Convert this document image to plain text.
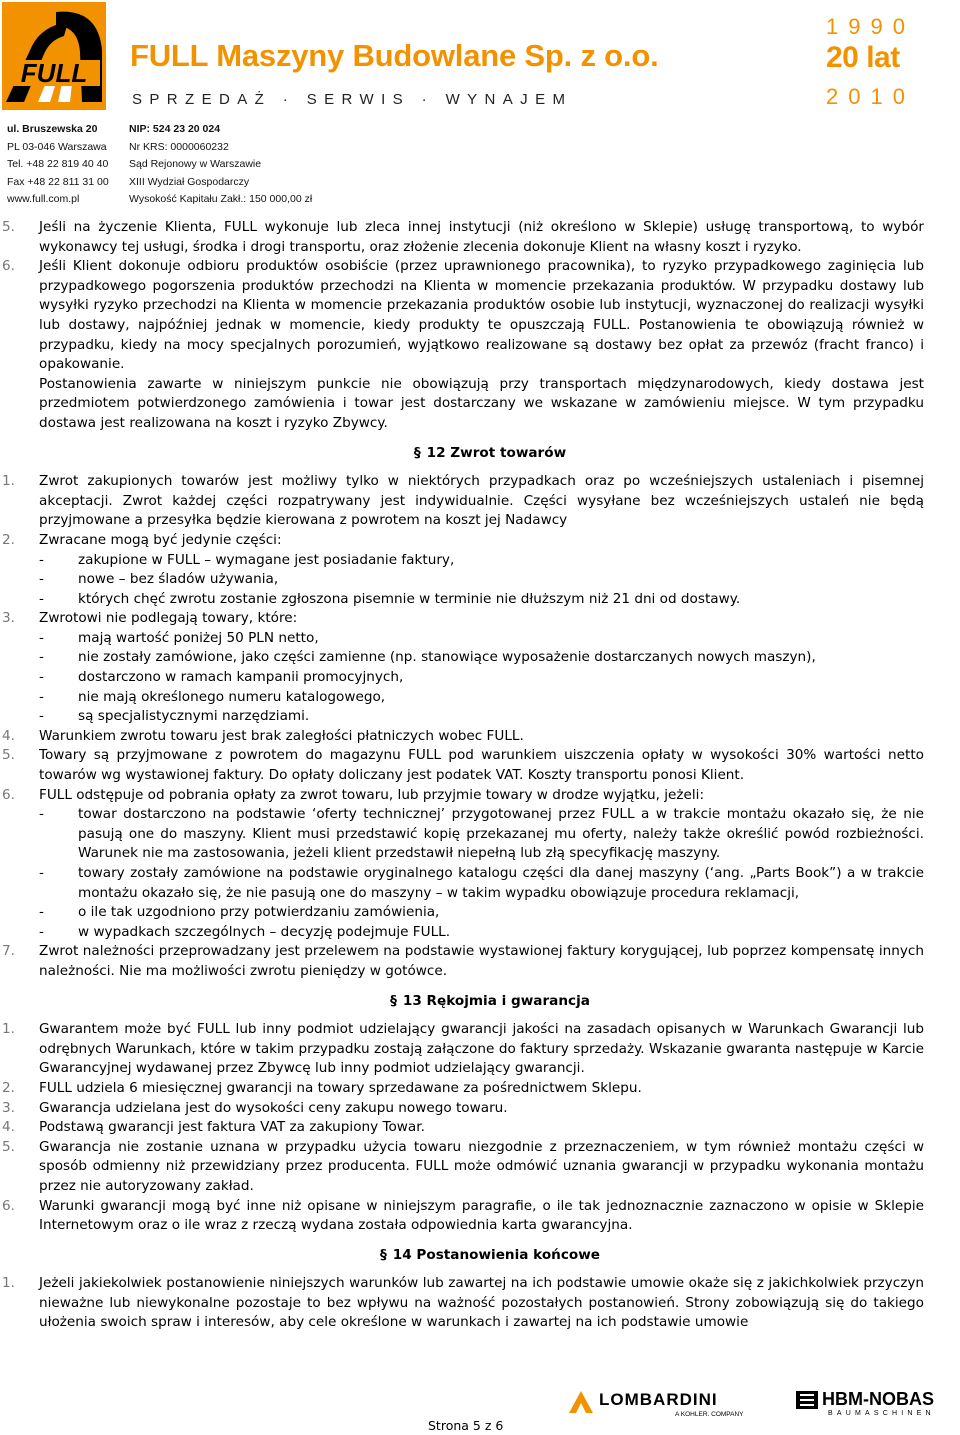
FULL FULL Maszyny Budowlane Sp. z o.o.
SPRZEDAŻ · SERWIS · WYNAJEM
1990
20 lat
2010
ul. Bruszewska 20
PL 03-046 Warszawa
Tel. +48 22 819 40 40
Fax +48 22 811 31 00
www.full.com.pl
NIP: 524 23 20 024
Nr KRS: 0000060232
Sąd Rejonowy w Warszawie
XIII Wydział Gospodarczy
Wysokość Kapitału Zakł.: 150 000,00 zł
5. Jeśli na życzenie Klienta, FULL wykonuje lub zleca innej instytucji (niż określono w Sklepie) usługę transportową, to wybór wykonawcy tej usługi, środka i drogi transportu, oraz złożenie zlecenia dokonuje Klient na własny koszt i ryzyko.
6. Jeśli Klient dokonuje odbioru produktów osobiście (przez uprawnionego pracownika), to ryzyko przypadkowego zaginięcia lub przypadkowego pogorszenia produktów przechodzi na Klienta w momencie przekazania produktów. W przypadku dostawy lub wysyłki ryzyko przechodzi na Klienta w momencie przekazania produktów osobie lub instytucji, wyznaczonej do realizacji wysyłki lub dostawy, najpóźniej jednak w momencie, kiedy produkty te opuszczają FULL. Postanowienia te obowiązują również w przypadku, kiedy na mocy specjalnych porozumień, wyjątkowo realizowane są dostawy bez opłat za przewóz (fracht franco) i opakowanie.
Postanowienia zawarte w niniejszym punkcie nie obowiązują przy transportach międzynarodowych, kiedy dostawa jest przedmiotem potwierdzonego zamówienia i towar jest dostarczany we wskazane w zamówieniu miejsce. W tym przypadku dostawa jest realizowana na koszt i ryzyko Zbywcy.
§ 12 Zwrot towarów
1. Zwrot zakupionych towarów jest możliwy tylko w niektórych przypadkach oraz po wcześniejszych ustaleniach i pisemnej akceptacji. Zwrot każdej części rozpatrywany jest indywidualnie. Części wysyłane bez wcześniejszych ustaleń nie będą przyjmowane a przesyłka będzie kierowana z powrotem na koszt jej Nadawcy
2. Zwracane mogą być jedynie części:
-	zakupione w FULL – wymagane jest posiadanie faktury,
-	nowe – bez śladów używania,
-	których chęć zwrotu zostanie zgłoszona pisemnie w terminie nie dłuższym niż 21 dni od dostawy.
3. Zwrotowi nie podlegają towary, które:
-	mają wartość poniżej 50 PLN netto,
-	nie zostały zamówione, jako części zamienne (np. stanowiące wyposażenie dostarczanych nowych maszyn),
-	dostarczono w ramach kampanii promocyjnych,
-	nie mają określonego numeru katalogowego,
-	są specjalistycznymi narzędziami.
4. Warunkiem zwrotu towaru jest brak zaległości płatniczych wobec FULL.
5. Towary są przyjmowane z powrotem do magazynu FULL pod warunkiem uiszczenia opłaty w wysokości 30% wartości netto towarów wg wystawionej faktury. Do opłaty doliczany jest podatek VAT. Koszty transportu ponosi Klient.
6. FULL odstępuje od pobrania opłaty za zwrot towaru, lub przyjmie towary w drodze wyjątku, jeżeli:
-	towar dostarczono na podstawie ‘oferty technicznej’ przygotowanej przez FULL a w trakcie montażu okazało się, że nie pasują one do maszyny. Klient musi przedstawić kopię przekazanej mu oferty, należy także określić powód rozbieżności. Warunek nie ma zastosowania, jeżeli klient przedstawił niepełną lub złą specyfikację maszyny.
-	towary zostały zamówione na podstawie oryginalnego katalogu części dla danej maszyny (‘ang. „Parts Book”) a w trakcie montażu okazało się, że nie pasują one do maszyny – w takim wypadku obowiązuje procedura reklamacji,
-	o ile tak uzgodniono przy potwierdzaniu zamówienia,
-	w wypadkach szczególnych – decyzję podejmuje FULL.
7. Zwrot należności przeprowadzany jest przelewem na podstawie wystawionej faktury korygującej, lub poprzez kompensatę innych należności. Nie ma możliwości zwrotu pieniędzy w gotówce.
§ 13 Rękojmia i gwarancja
1. Gwarantem może być FULL lub inny podmiot udzielający gwarancji jakości na zasadach opisanych w Warunkach Gwarancji lub odrębnych Warunkach, które w takim przypadku zostają załączone do faktury sprzedaży. Wskazanie gwaranta następuje w Karcie Gwarancyjnej wydawanej przez Zbywcę lub inny podmiot udzielający gwarancji.
2. FULL udziela 6 miesięcznej gwarancji na towary sprzedawane za pośrednictwem Sklepu.
3. Gwarancja udzielana jest do wysokości ceny zakupu nowego towaru.
4. Podstawą gwarancji jest faktura VAT za zakupiony Towar.
5. Gwarancja nie zostanie uznana w przypadku użycia towaru niezgodnie z przeznaczeniem, w tym również montażu części w sposób odmienny niż przewidziany przez producenta. FULL może odmówić uznania gwarancji w przypadku wykonania montażu przez nie autoryzowany zakład.
6. Warunki gwarancji mogą być inne niż opisane w niniejszym paragrafie, o ile tak jednoznacznie zaznaczono w opisie w Sklepie Internetowym oraz o ile wraz z rzeczą wydana została odpowiednia karta gwarancyjna.
§ 14 Postanowienia końcowe
1. Jeżeli jakiekolwiek postanowienie niniejszych warunków lub zawartej na ich podstawie umowie okaże się z jakichkolwiek przyczyn nieważne lub niewykonalne pozostaje to bez wpływu na ważność pozostałych postanowień. Strony zobowiązują się do takiego ułożenia swoich spraw i interesów, aby cele określone w warunkach i zawartej na ich podstawie umowie
Strona 5 z 6
LOMBARDINI
A KOHLER. COMPANY
HBM-NOBAS
BAUMASCHINEN
